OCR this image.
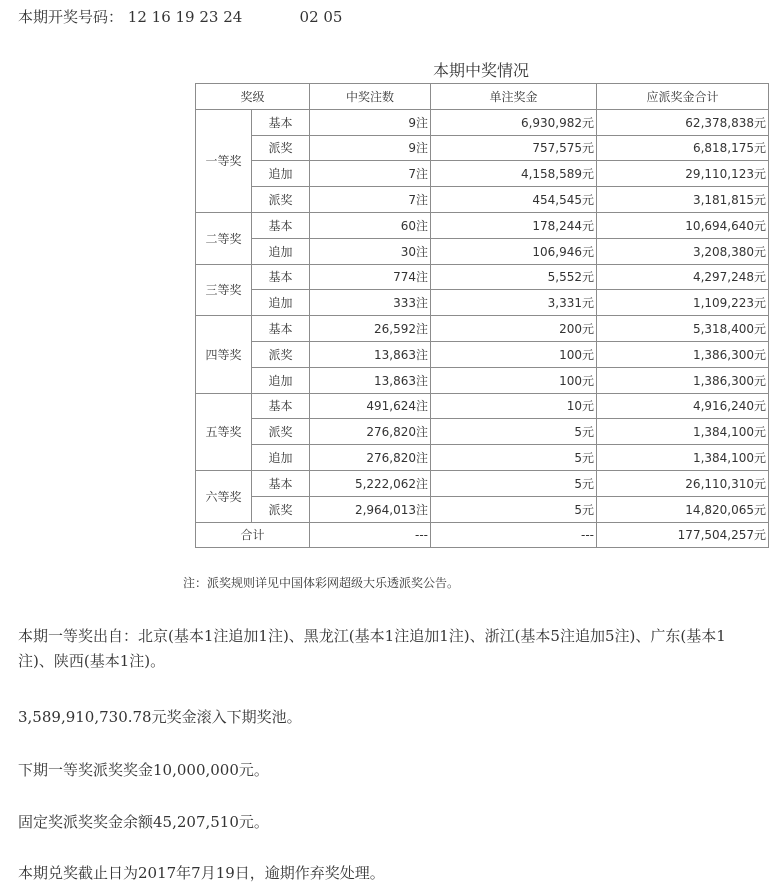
本期开奖号码： 12 16 19 23 24	02 05
本期中奖情况
奖级		中奖注数	单注奖金	应派奖金合计
一等奖	基本	9注	6,930,982元	62,378,838元
	派奖	9注	757,575元	6,818,175元
	追加	7注	4,158,589元	29,110,123元
	派奖	7注	454,545元	3,181,815元
二等奖	基本	60注	178,244元	10,694,640元
	追加	30注	106,946元	3,208,380元
三等奖	基本	774注	5,552元	4,297,248元
	追加	333注	3,331元	1,109,223元
四等奖	基本	26,592注	200元	5,318,400元
	派奖	13,863注	100元	1,386,300元
	追加	13,863注	100元	1,386,300元
五等奖	基本	491,624注	10元	4,916,240元
	派奖	276,820注	5元	1,384,100元
	追加	276,820注	5元	1,384,100元
六等奖	基本	5,222,062注	5元	26,110,310元
	派奖	2,964,013注	5元	14,820,065元
合计		---	---	177,504,257元
注：派奖规则详见中国体彩网超级大乐透派奖公告。
本期一等奖出自：北京(基本1注追加1注)、黑龙江(基本1注追加1注)、浙江(基本5注追加5注)、广东(基本1注)、陕西(基本1注)。
3,589,910,730.78元奖金滚入下期奖池。
下期一等奖派奖奖金10,000,000元。
固定奖派奖奖金余额45,207,510元。
本期兑奖截止日为2017年7月19日，逾期作弃奖处理。
